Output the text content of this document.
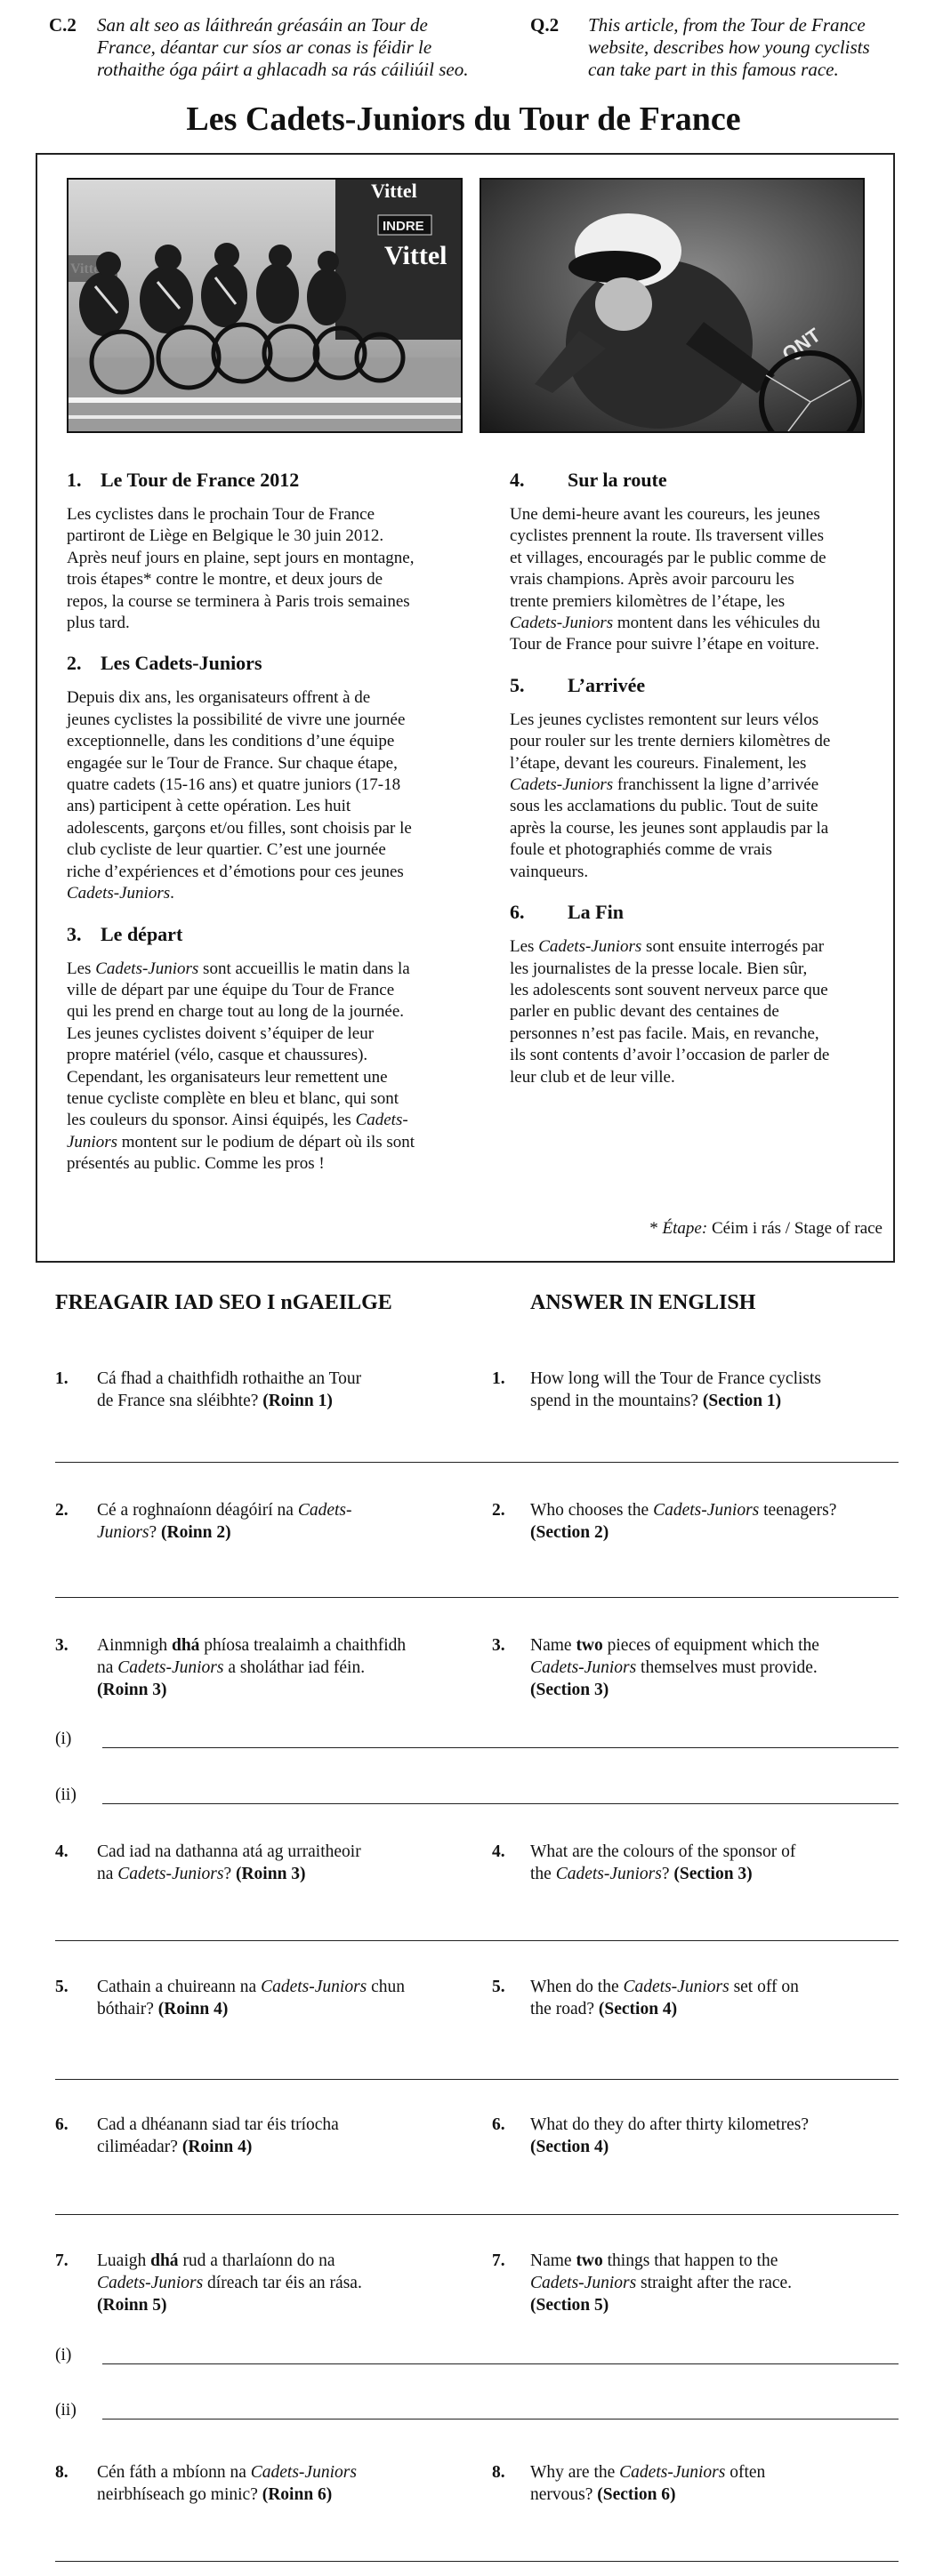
C.2 San alt seo as láithreán gréasáin an Tour de
France, déantar cur síos ar conas is féidir le
rothaithe óga páirt a ghlacadh sa rás cáiliúil seo.
Q.2 This article, from the Tour de France
website, describes how young cyclists
can take part in this famous race.
Les Cadets-Juniors du Tour de France
INDRE
Vittel
Vittel
QNT
1. Le Tour de France 2012
Les cyclistes dans le prochain Tour de France
partiront de Liège en Belgique le 30 juin 2012.
Après neuf jours en plaine, sept jours en montagne,
trois étapes* contre le montre, et deux jours de
repos, la course se terminera à Paris trois semaines
plus tard.
2. Les Cadets-Juniors
Depuis dix ans, les organisateurs offrent à de
jeunes cyclistes la possibilité de vivre une journée
exceptionnelle, dans les conditions d’une équipe
engagée sur le Tour de France. Sur chaque étape,
quatre cadets (15-16 ans) et quatre juniors (17-18
ans) participent à cette opération. Les huit
adolescents, garçons et/ou filles, sont choisis par le
club cycliste de leur quartier. C’est une journée
riche d’expériences et d’émotions pour ces jeunes
Cadets-Juniors.
3. Le départ
Les Cadets-Juniors sont accueillis le matin dans la
ville de départ par une équipe du Tour de France
qui les prend en charge tout au long de la journée.
Les jeunes cyclistes doivent s’équiper de leur
propre matériel (vélo, casque et chaussures).
Cependant, les organisateurs leur remettent une
tenue cycliste complète en bleu et blanc, qui sont
les couleurs du sponsor. Ainsi équipés, les Cadets-
Juniors montent sur le podium de départ où ils sont
présentés au public. Comme les pros !
4. Sur la route
Une demi-heure avant les coureurs, les jeunes
cyclistes prennent la route. Ils traversent villes
et villages, encouragés par le public comme de
vrais champions. Après avoir parcouru les
trente premiers kilomètres de l’étape, les
Cadets-Juniors montent dans les véhicules du
Tour de France pour suivre l’étape en voiture.
5. L’arrivée
Les jeunes cyclistes remontent sur leurs vélos
pour rouler sur les trente derniers kilomètres de
l’étape, devant les coureurs. Finalement, les
Cadets-Juniors franchissent la ligne d’arrivée
sous les acclamations du public. Tout de suite
après la course, les jeunes sont applaudis par la
foule et photographiés comme de vrais
vainqueurs.
6. La Fin
Les Cadets-Juniors sont ensuite interrogés par
les journalistes de la presse locale. Bien sûr,
les adolescents sont souvent nerveux parce que
parler en public devant des centaines de
personnes n’est pas facile. Mais, en revanche,
ils sont contents d’avoir l’occasion de parler de
leur club et de leur ville.
* Étape: Céim i rás / Stage of race
FREAGAIR IAD SEO I nGAEILGE	ANSWER IN ENGLISH
1. Cá fhad a chaithfidh rothaithe an Tour
de France sna sléibhte? (Roinn 1)
1. How long will the Tour de France cyclists
spend in the mountains? (Section 1)
2. Cé a roghnaíonn déagóirí na Cadets-
Juniors? (Roinn 2)
2. Who chooses the Cadets-Juniors teenagers?
(Section 2)
3. Ainmnigh dhá phíosa trealaimh a chaithfidh
na Cadets-Juniors a sholáthar iad féin.
(Roinn 3)
3. Name two pieces of equipment which the
Cadets-Juniors themselves must provide.
(Section 3)
(i)
(ii)
4. Cad iad na dathanna atá ag urraitheoir
na Cadets-Juniors? (Roinn 3)
4. What are the colours of the sponsor of
the Cadets-Juniors? (Section 3)
5. Cathain a chuireann na Cadets-Juniors chun
bóthair? (Roinn 4)
5. When do the Cadets-Juniors set off on
the road? (Section 4)
6. Cad a dhéanann siad tar éis tríocha
ciliméadar? (Roinn 4)
6. What do they do after thirty kilometres?
(Section 4)
7. Luaigh dhá rud a tharlaíonn do na
Cadets-Juniors díreach tar éis an rása.
(Roinn 5)
7. Name two things that happen to the
Cadets-Juniors straight after the race.
(Section 5)
(i)
(ii)
8. Cén fáth a mbíonn na Cadets-Juniors
neirbhíseach go minic? (Roinn 6)
8. Why are the Cadets-Juniors often
nervous? (Section 6)
